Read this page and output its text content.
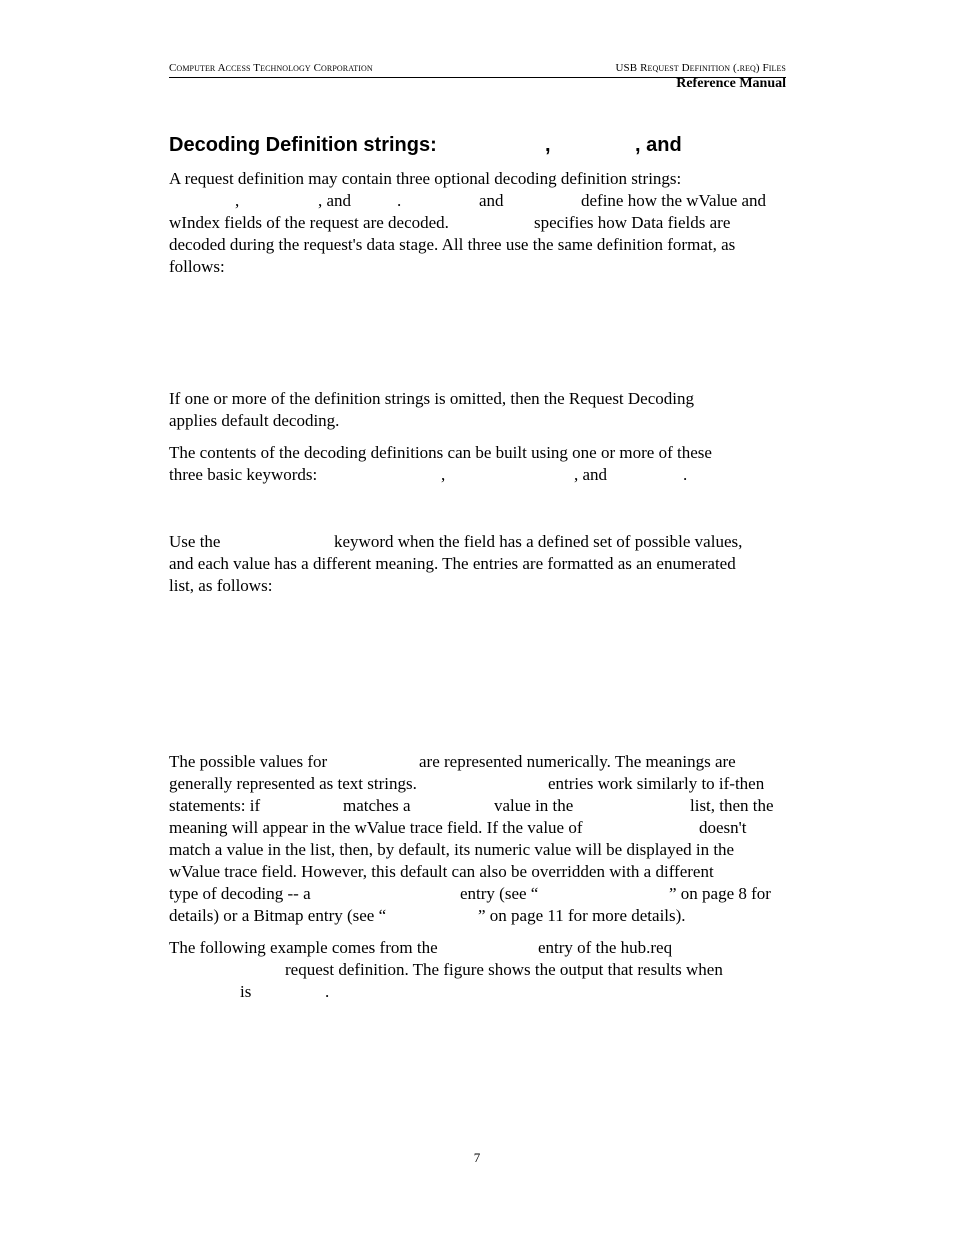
Computer Access Technology Corporation	USB Request Definition (.req) Files
Reference Manual
Decoding Definition strings:	,	, and
A request definition may contain three optional decoding definition strings:
,	, and	.	and	define how the wValue and
wIndex fields of the request are decoded.	specifies how Data fields are
decoded during the request's data stage. All three use the same definition format, as
follows:
If one or more of the definition strings is omitted, then the Request Decoding
applies default decoding.
The contents of the decoding definitions can be built using one or more of these
three basic keywords:	,	, and	.
Use the	keyword when the field has a defined set of possible values,
and each value has a different meaning. The entries are formatted as an enumerated
list, as follows:
The possible values for	are represented numerically. The meanings are
generally represented as text strings.	entries work similarly to if-then
statements: if	matches a	value in the	list, then the
meaning will appear in the wValue trace field. If the value of	doesn't
match a value in the list, then, by default, its numeric value will be displayed in the
wValue trace field. However, this default can also be overridden with a different
type of decoding -- a	entry (see “	” on page 8 for
details) or a Bitmap entry (see “	” on page 11 for more details).
The following example comes from the	entry of the hub.req
request definition. The figure shows the output that results when
is	.
7
